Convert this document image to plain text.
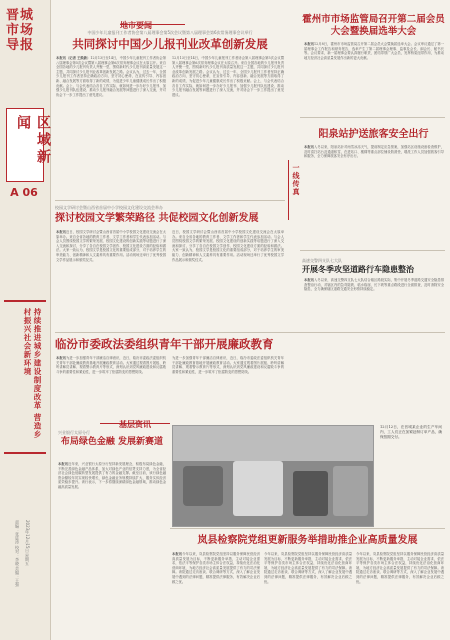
晋城市场导报
区域新闻
A 06
持续推进城乡建设制度改革 营造乡村振兴社会新环境
责编：张进涛 校对：李晓 美编：王强 2023年12月15日 星期五
地市要闻
中国少年儿童报刊工作者协会第八届理事会第5次会议暨第八届理事会第6次常务理事会议举行
共同探讨中国少儿报刊业改革创新发展
本报讯（记者 王焕新）12月13日至14日，中国少年儿童报刊工作者协会第八届理事会第5次会议暨第八届理事会第6次常务理事会议在太原召开。来自全国各地的少儿报刊负责人齐聚一堂，围绕新时代少儿报刊高质量发展这一主题，共同探讨少儿报刊业改革创新发展之路。会议认为，过去一年，全国少儿报刊工作者坚持正确政治方向，坚守初心使命，在宣传引导、内容创新、融合发展等方面取得了新的成绩，为促进少年儿童健康成长作出了积极贡献。会上，与会代表结合各自工作实际，就如何进一步办好少儿报刊、加强少儿报刊队伍建设、推动少儿报刊融合发展等问题进行了深入交流，并对协会下一步工作提出了意见建议。
12月13日至14日，中国少年儿童报刊工作者协会第八届理事会第5次会议暨第八届理事会第6次常务理事会议在太原召开。来自全国各地的少儿报刊负责人齐聚一堂，围绕新时代少儿报刊高质量发展这一主题，共同探讨少儿报刊业改革创新发展之路。会议认为，过去一年，全国少儿报刊工作者坚持正确政治方向，坚守初心使命，在宣传引导、内容创新、融合发展等方面取得了新的成绩，为促进少年儿童健康成长作出了积极贡献。会上，与会代表结合各自工作实际，就如何进一步办好少儿报刊、加强少儿报刊队伍建设、推动少儿报刊融合发展等问题进行了深入交流，并对协会下一步工作提出了意见建议。
校园文学研讨会暨山西省首届中小学校园文化建设交流会举办
探讨校园文学繁荣路径 共促校园文化创新发展
本报讯近日，校园文学研讨会暨山西省首届中小学校园文化建设交流会在太原举办。来自全省各地的教育工作者、文学工作者和学生代表参加活动。与会人员围绕校园文学的繁荣发展、校园文化建设的创新实践等话题进行了深入交流和探讨，分享了各自在校园文学创作、校园文化建设方面的经验和做法。大家一致认为，校园文学是校园文化的重要组成部分，对于培养学生的审美能力、创新精神和人文素养具有重要作用。活动现场还举行了优秀校园文学作品展示和颁奖仪式。
近日，校园文学研讨会暨山西省首届中小学校园文化建设交流会在太原举办。来自全省各地的教育工作者、文学工作者和学生代表参加活动。与会人员围绕校园文学的繁荣发展、校园文化建设的创新实践等话题进行了深入交流和探讨，分享了各自在校园文学创作、校园文化建设方面的经验和做法。大家一致认为，校园文学是校园文化的重要组成部分，对于培养学生的审美能力、创新精神和人文素养具有重要作用。活动现场还举行了优秀校园文学作品展示和颁奖仪式。
临汾市委政法委组织青年干部开展廉政教育
本报讯为进一步加强青年干部廉洁自律意识，近日，临汾市委政法委组织机关青年干部赴廉政教育基地开展廉政教育活动。大家通过观看图片展板、聆听讲解员讲解、观看警示教育片等形式，深刻认识到党风廉政建设和反腐败斗争的重要性和紧迫性，进一步筑牢了拒腐防变的思想防线。
为进一步加强青年干部廉洁自律意识，近日，临汾市委政法委组织机关青年干部赴廉政教育基地开展廉政教育活动。大家通过观看图片展板、聆听讲解员讲解、观看警示教育片等形式，深刻认识到党风廉政建设和反腐败斗争的重要性和紧迫性，进一步筑牢了拒腐防变的思想防线。
基层资讯
兴业银行太原分行
布局绿色金融 发展新赛道
本报讯近年来，兴业银行太原分行坚持新发展理念，积极布局绿色金融，不断完善绿色金融产品体系，加大对绿色产业的信贷支持力度，为全省经济社会绿色低碳转型发展提供了有力的金融支撑。截至目前，该行绿色融资余额较年初实现较快增长，绿色金融业务规模持续扩大，服务实体经济质效稳步提升。该行表示，下一步将继续深耕绿色金融领域，推动绿色金融高质量发展。
12月12日，在晋城某企业的生产车间内，工人们正在加紧赶制订单产品，确保按期交付。
霍州市市场监管局召开第二届会员大会暨换届选举大会
本报讯12月8日，霍州市市场监管局召开第二届会员大会暨换届选举大会。会议审议通过了第一届理事会工作报告和财务报告，选举产生了第二届理事会理事、监事及会长、副会长、秘书长等。会议要求，新一届理事会要认真履行职责，团结带领广大会员，发挥桥梁纽带作用，为推动地方经济社会高质量发展作出新的更大贡献。
阳泉站护送旅客安全出行
本报讯入冬以来，阳泉站针对雨雪冰冻天气，提前制定应急预案，加强站区设施设备检查维护，及时清扫站台及通道积雪，在进站口、楼梯等重点部位铺设防滑垫，增派工作人员加强旅客引导和服务，全力保障旅客安全有序出行。
高速交警四支队七大队
开展冬季攻坚道路行车隐患整治
本报讯入冬以来，高速交警四支队七大队结合辖区路段实际，集中开展冬季道路交通安全隐患排查整治行动，对辖区内的急弯陡坡、临水临崖、长下坡等重点路段进行全面排查，及时消除安全隐患，全力确保辖区道路交通安全形势持续稳定。
一线传真
岚县检察院党组更新服务举措助推企业高质量发展
本报讯今年以来，岚县检察院党组坚持以服务保障民营经济高质量发展为目标，不断更新服务举措，主动对接企业需求，依法平等保护各类市场主体合法权益，持续优化法治化营商环境，为地方经济社会高质量发展提供了有力的司法保障。该院通过走访座谈、联合调研等方式，深入了解企业发展中遇到的法律问题，精准提供法律服务，有效解决企业后顾之忧。
今年以来，岚县检察院党组坚持以服务保障民营经济高质量发展为目标，不断更新服务举措，主动对接企业需求，依法平等保护各类市场主体合法权益，持续优化法治化营商环境，为地方经济社会高质量发展提供了有力的司法保障。该院通过走访座谈、联合调研等方式，深入了解企业发展中遇到的法律问题，精准提供法律服务，有效解决企业后顾之忧。
今年以来，岚县检察院党组坚持以服务保障民营经济高质量发展为目标，不断更新服务举措，主动对接企业需求，依法平等保护各类市场主体合法权益，持续优化法治化营商环境，为地方经济社会高质量发展提供了有力的司法保障。该院通过走访座谈、联合调研等方式，深入了解企业发展中遇到的法律问题，精准提供法律服务，有效解决企业后顾之忧。
